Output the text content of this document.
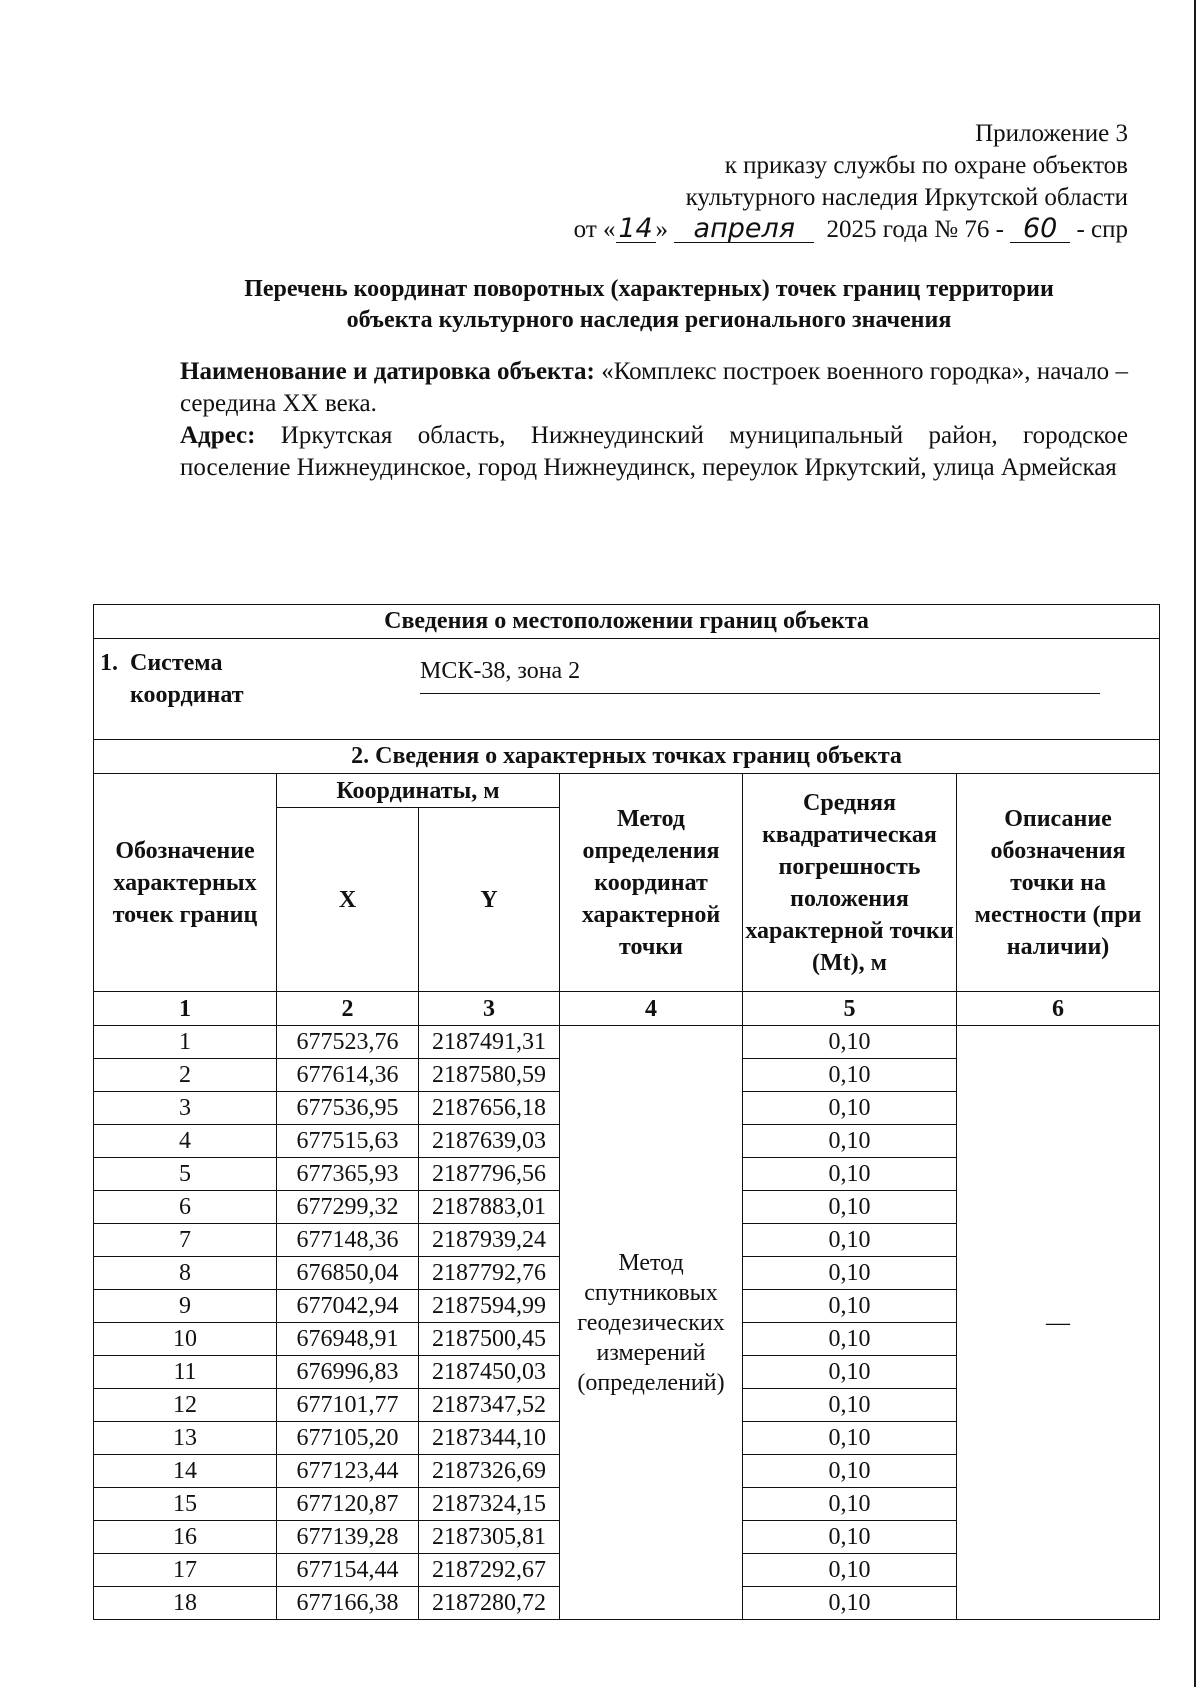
Приложение 3
к приказу службы по охране объектов
культурного наследия Иркутской области
от « 14 » апреля 2025 года № 76 - 60 - спр
Перечень координат поворотных (характерных) точек границ территории
объекта культурного наследия регионального значения

Наименование и датировка объекта: «Комплекс построек военного городка», начало – середина XX века.

Адрес: Иркутская область, Нижнеудинский муниципальный район, городское поселение Нижнеудинское, город Нижнеудинск, переулок Иркутский, улица Армейская

Сведения о местоположении границ объекта					

1.  Система
координат
МСК-38, зона 2					

2. Сведения о характерных точках границ объекта					
Обозначение характерных точек границ	Координаты, м		Метод определения координат характерной точки	Средняя квадратическая погрешность положения характерной точки (Mt), м	Описание обозначения точки на местности (при наличии)
	X	Y			
1	2	3	4	5	6
1	677523,76	2187491,31	Метод спутниковых геодезических измерений (определений)	0,10	—
2	677614,36	2187580,59		0,10	
3	677536,95	2187656,18		0,10	
4	677515,63	2187639,03		0,10	
5	677365,93	2187796,56		0,10	
6	677299,32	2187883,01		0,10	
7	677148,36	2187939,24		0,10	
8	676850,04	2187792,76		0,10	
9	677042,94	2187594,99		0,10	
10	676948,91	2187500,45		0,10	
11	676996,83	2187450,03		0,10	
12	677101,77	2187347,52		0,10	
13	677105,20	2187344,10		0,10	
14	677123,44	2187326,69		0,10	
15	677120,87	2187324,15		0,10	
16	677139,28	2187305,81		0,10	
17	677154,44	2187292,67		0,10	
18	677166,38	2187280,72		0,10	
